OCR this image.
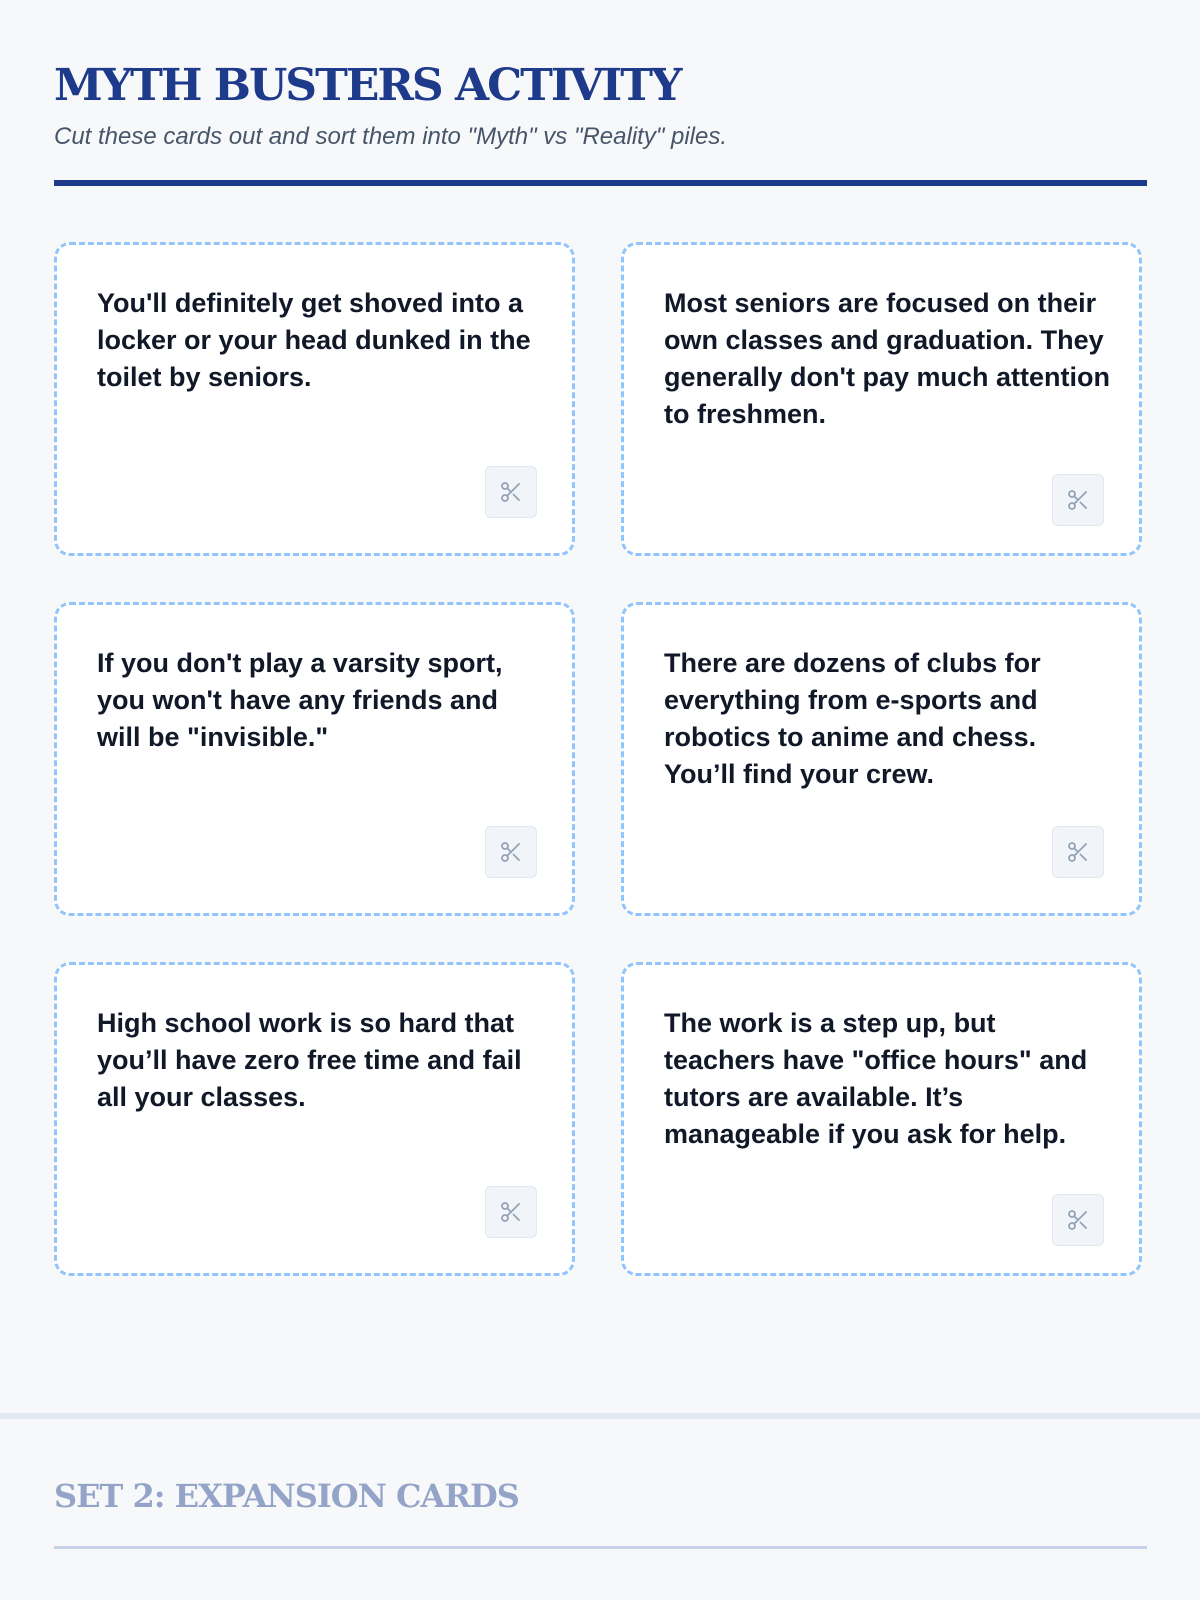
MYTH BUSTERS ACTIVITY
Cut these cards out and sort them into "Myth" vs "Reality" piles.

You'll definitely get shoved into a locker or your head dunked in the toilet by seniors.

Most seniors are focused on their own classes and graduation. They generally don't pay much attention to freshmen.

If you don't play a varsity sport, you won't have any friends and will be "invisible."

There are dozens of clubs for everything from e-sports and robotics to anime and chess. You’ll find your crew.

High school work is so hard that you’ll have zero free time and fail all your classes.

The work is a step up, but teachers have "office hours" and tutors are available. It’s manageable if you ask for help.

SET 2: EXPANSION CARDS
